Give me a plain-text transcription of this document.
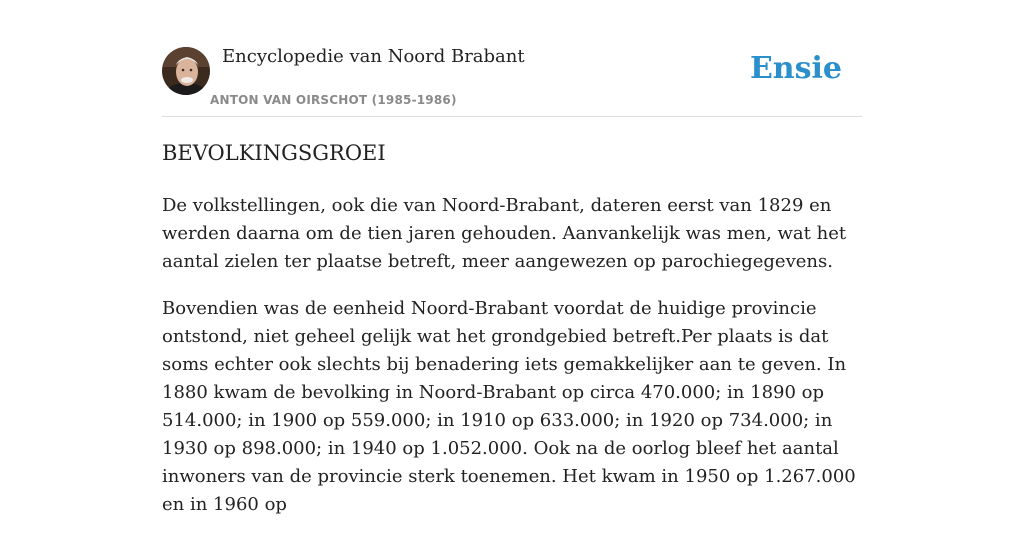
Encyclopedie van Noord Brabant
ANTON VAN OIRSCHOT (1985-1986)
Ensie
BEVOLKINGSGROEI

De volkstellingen, ook die van Noord-Brabant, dateren eerst van 1829 en werden daarna om de tien jaren gehouden. Aanvankelijk was men, wat het aantal zielen ter plaatse betreft, meer aangewezen op parochiegegevens.

Bovendien was de eenheid Noord-Brabant voordat de huidige provincie ontstond, niet geheel gelijk wat het grondgebied betreft.Per plaats is dat soms echter ook slechts bij benadering iets gemakkelijker aan te geven. In 1880 kwam de bevolking in Noord-Brabant op circa 470.000; in 1890 op 514.000; in 1900 op 559.000; in 1910 op 633.000; in 1920 op 734.000; in 1930 op 898.000; in 1940 op 1.052.000. Ook na de oorlog bleef het aantal inwoners van de provincie sterk toenemen. Het kwam in 1950 op 1.267.000 en in 1960 op
